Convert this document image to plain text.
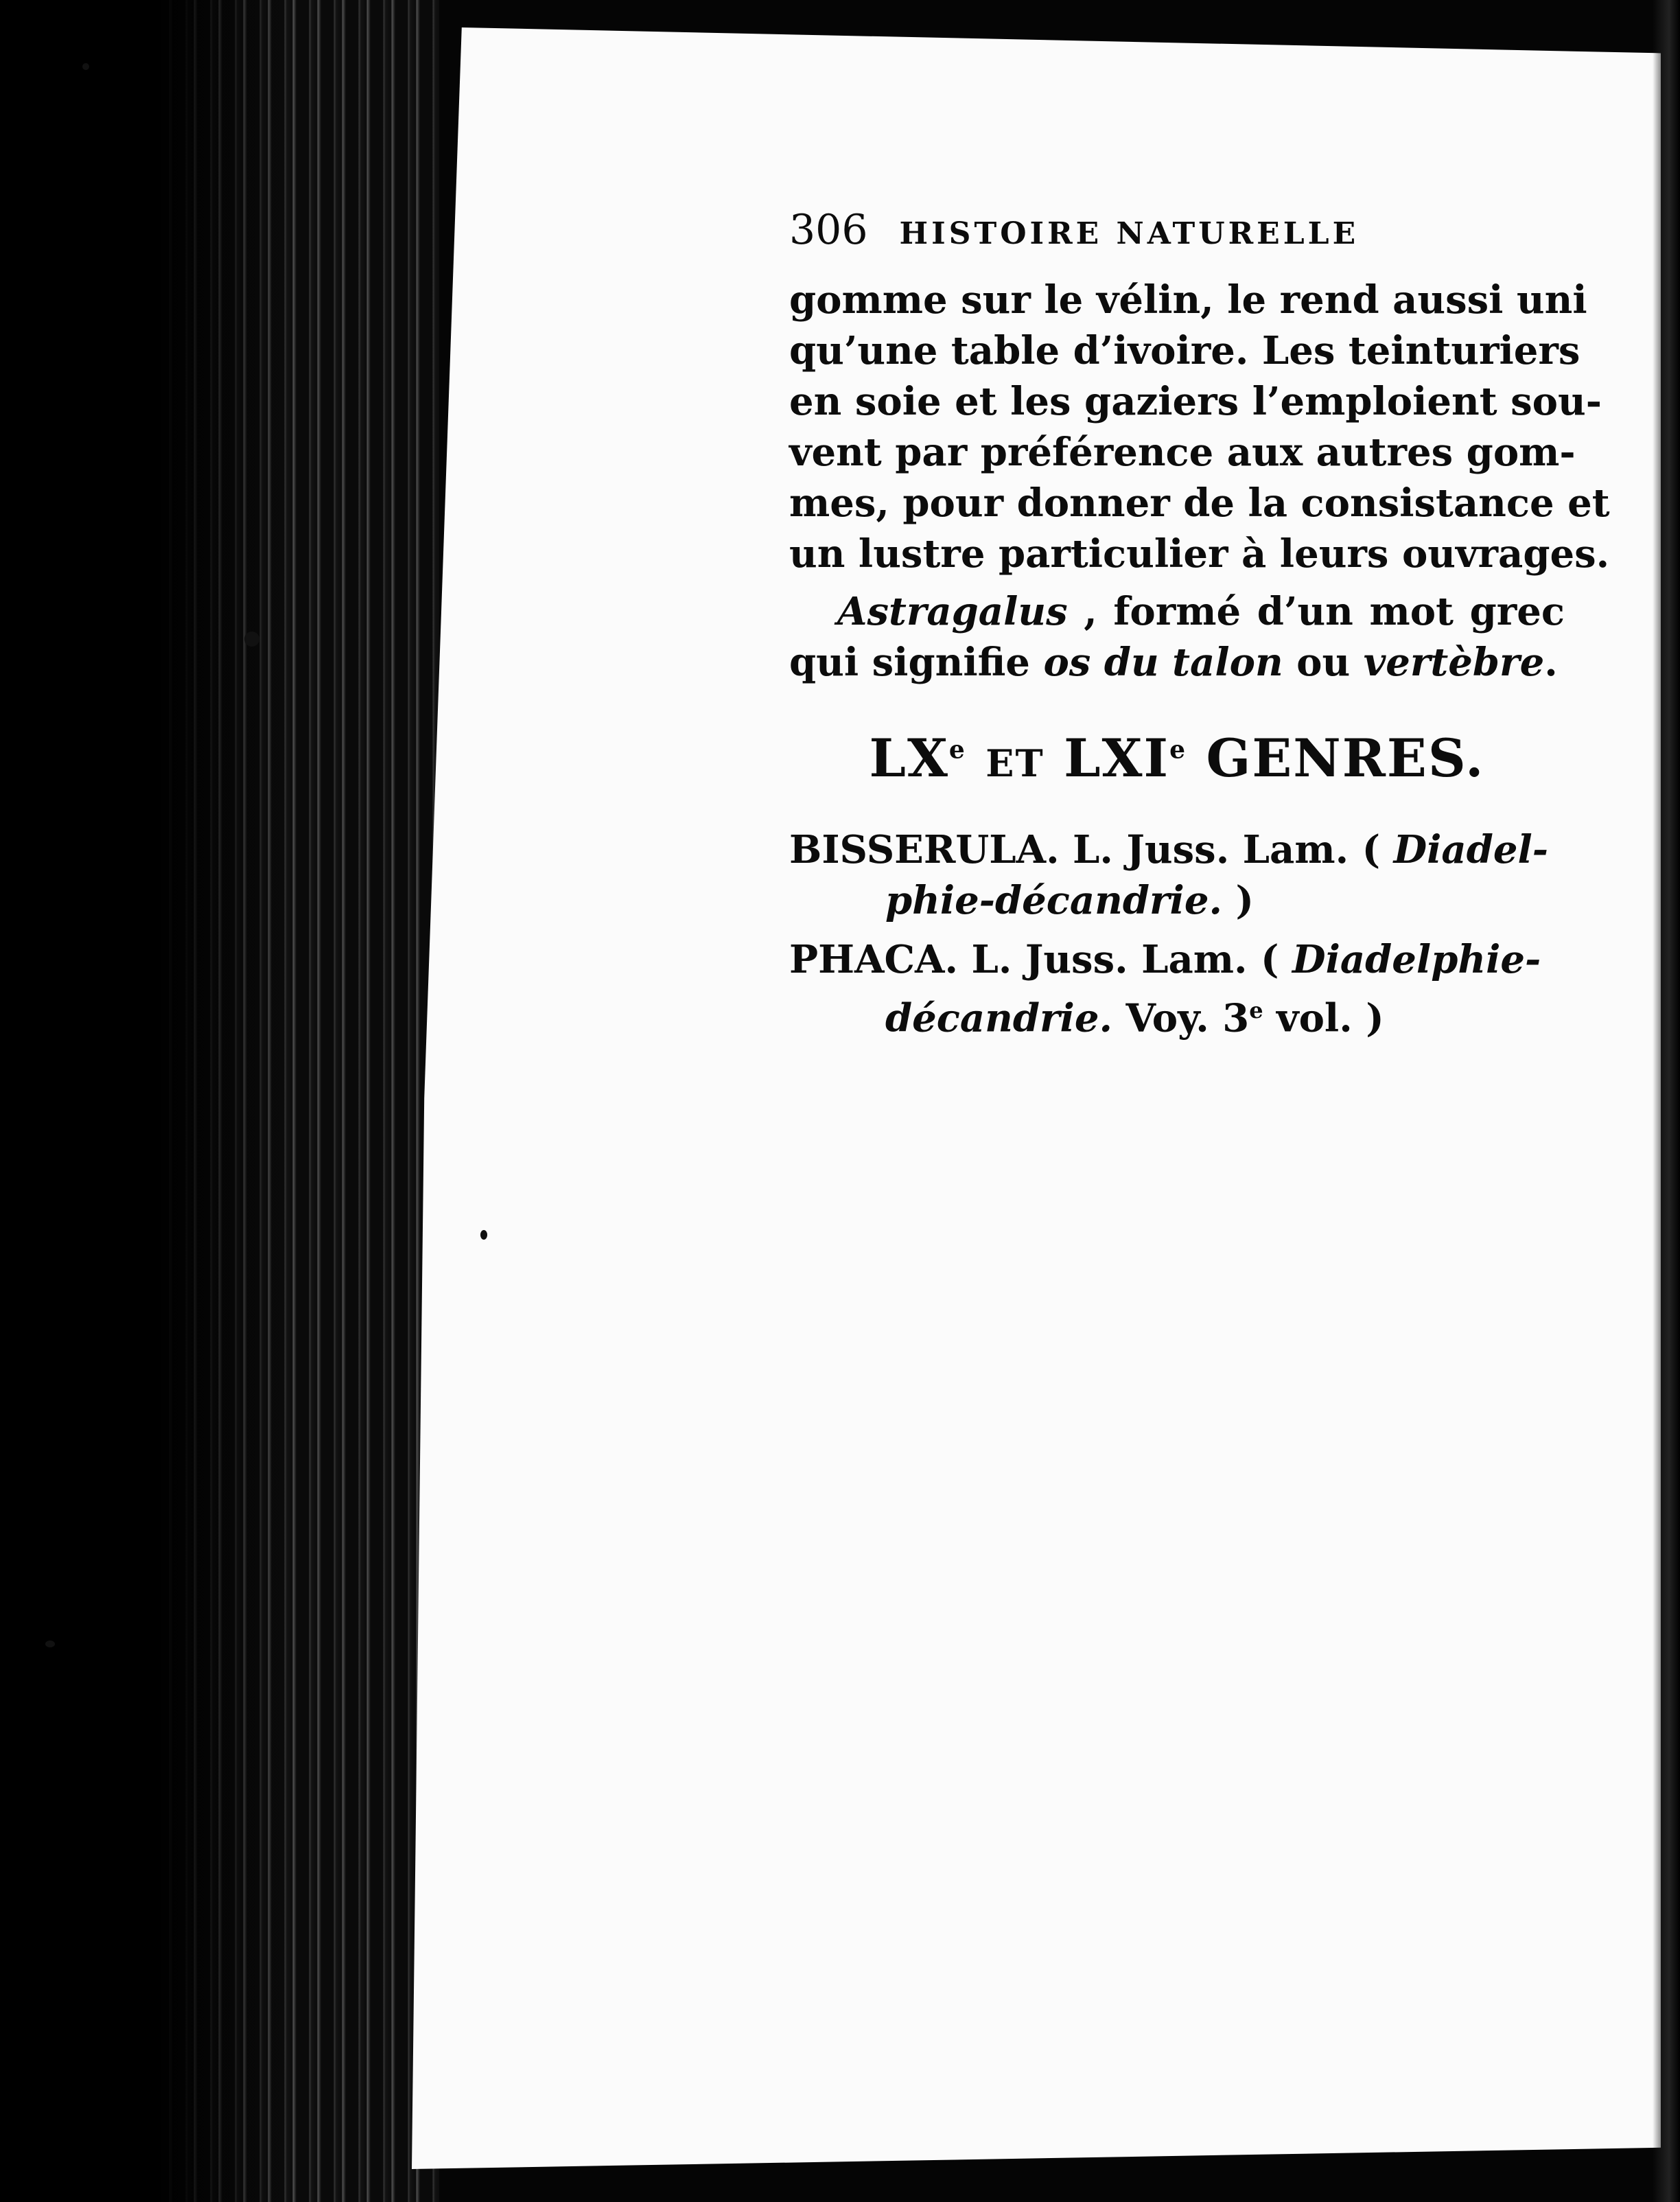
306 HISTOIRE NATURELLE

gomme sur le vélin, le rend aussi uni
qu’une table d’ivoire. Les teinturiers
en soie et les gaziers l’emploient sou-
vent par préférence aux autres gom-
mes, pour donner de la consistance et
un lustre particulier à leurs ouvrages.

Astragalus , formé d’un mot grec
qui signifie os du talon ou vertèbre.

LXe ET LXIe GENRES.
BISSERULA. L. Juss. Lam. ( Diadel-
phie-décandrie. )
PHACA. L. Juss. Lam. ( Diadelphie-
décandrie. Voy. 3e vol. )
